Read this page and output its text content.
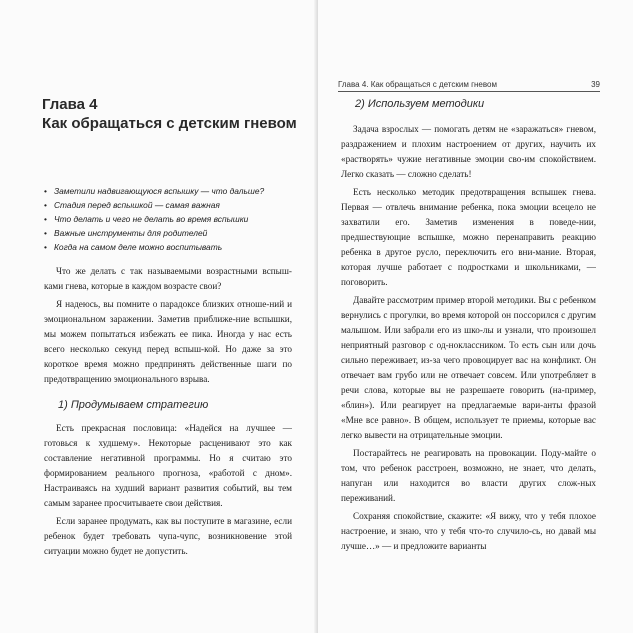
Глава 4
Как обращаться с детским гневом
• Заметили надвигающуюся вспышку — что дальше?
• Стадия перед вспышкой — самая важная
• Что делать и чего не делать во время вспышки
• Важные инструменты для родителей
• Когда на самом деле можно воспитывать

Что же делать с так называемыми возрастными вспыш-ками гнева, которые в каждом возрасте свои?

Я надеюсь, вы помните о парадоксе близких отноше-ний и эмоциональном заражении. Заметив приближе-ние вспышки, мы можем попытаться избежать ее пика. Иногда у нас есть всего несколько секунд перед вспыш-кой. Но даже за это короткое время можно предпринять действенные шаги по предотвращению эмоционального взрыва.

1) Продумываем стратегию

Есть прекрасная пословица: «Надейся на лучшее — готовься к худшему». Некоторые расценивают это как составление негативной программы. Но я считаю это формированием реального прогноза, «работой с дном». Настраиваясь на худший вариант развития событий, вы тем самым заранее просчитываете свои действия.

Если заранее продумать, как вы поступите в магазине, если ребенок будет требовать чупа-чупс, возникновение этой ситуации можно будет не допустить.

Глава 4. Как обращаться с детским гневом	39
2) Используем методики

Задача взрослых — помогать детям не «заражаться» гневом, раздражением и плохим настроением от других, научить их «растворять» чужие негативные эмоции сво-им спокойствием. Легко сказать — сложно сделать!

Есть несколько методик предотвращения вспышек гнева. Первая — отвлечь внимание ребенка, пока эмоции всецело не захватили его. Заметив изменения в поведе-нии, предшествующие вспышке, можно перенаправить реакцию ребенка в другое русло, переключить его вни-мание. Вторая, которая лучше работает с подростками и школьниками, — поговорить.

Давайте рассмотрим пример второй методики. Вы с ребенком вернулись с прогулки, во время которой он поссорился с другим малышом. Или забрали его из шко-лы и узнали, что произошел неприятный разговор с од-ноклассником. То есть сын или дочь сильно переживает, из-за чего провоцирует вас на конфликт. Он отвечает вам грубо или не отвечает совсем. Или употребляет в речи слова, которые вы не разрешаете говорить (на-пример, «блин»). Или реагирует на предлагаемые вари-анты фразой «Мне все равно». В общем, использует те приемы, которые вас легко вывести на отрицательные эмоции.

Постарайтесь не реагировать на провокации. Поду-майте о том, что ребенок расстроен, возможно, не знает, что делать, напуган или находится во власти других слож-ных переживаний.

Сохраняя спокойствие, скажите: «Я вижу, что у тебя плохое настроение, и знаю, что у тебя что-то случило-сь, но давай мы лучше…» — и предложите варианты
